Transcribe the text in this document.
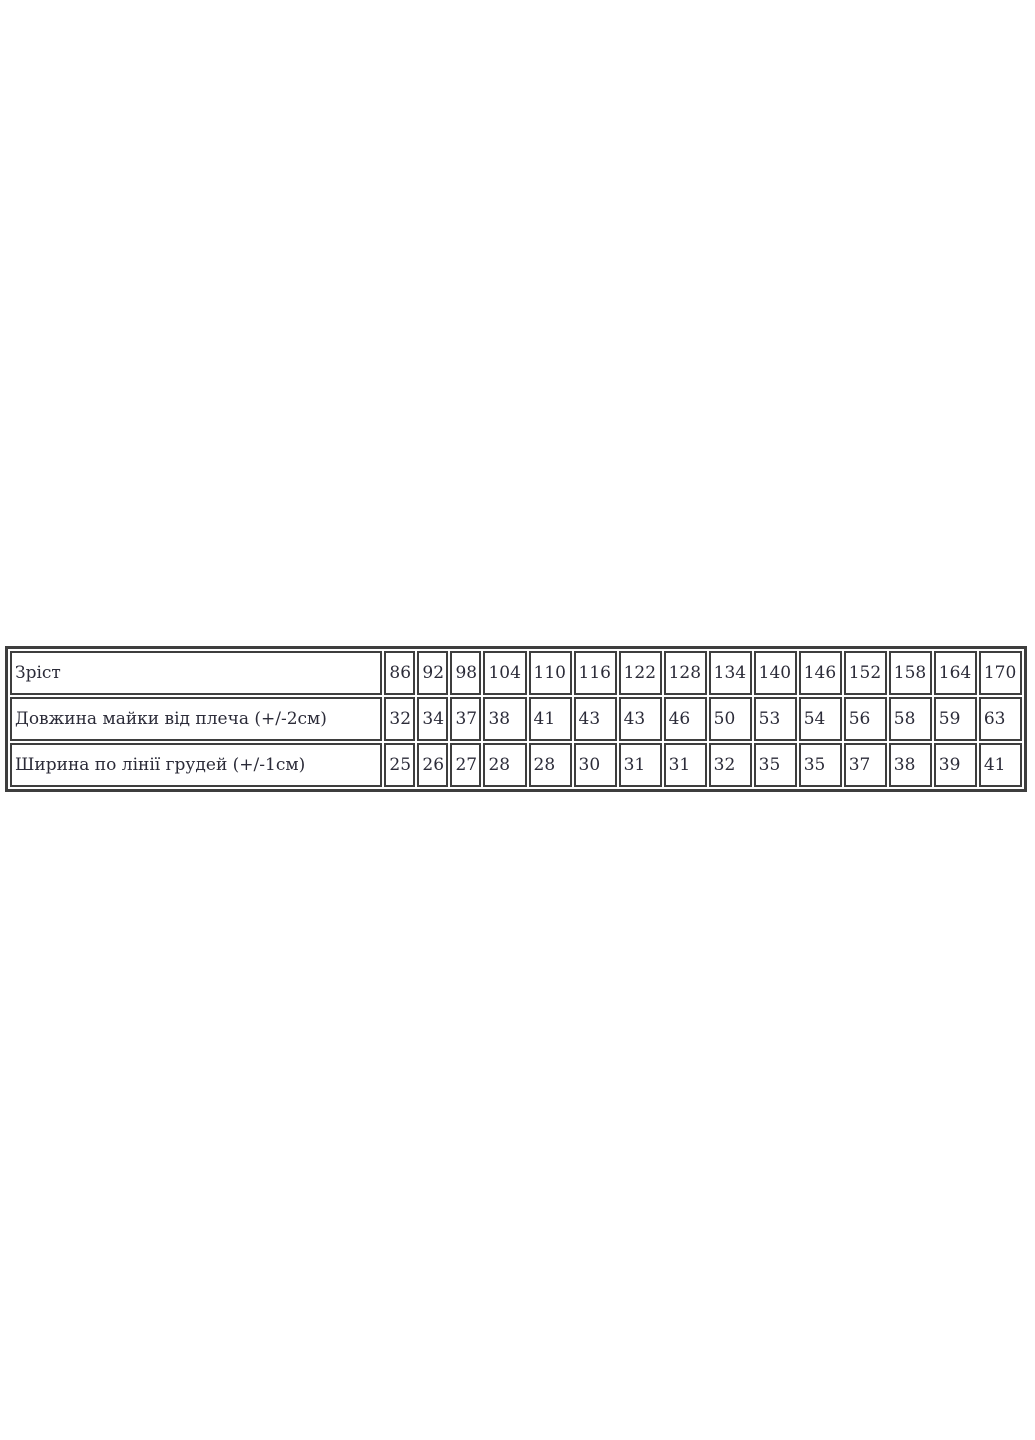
Зріст	86	92	98	104	110	116	122	128	134	140	146	152	158	164	170
Довжина майки від плеча (+/-2см)	32	34	37	38	41	43	43	46	50	53	54	56	58	59	63
Ширина по лінії грудей (+/-1см)	25	26	27	28	28	30	31	31	32	35	35	37	38	39	41
